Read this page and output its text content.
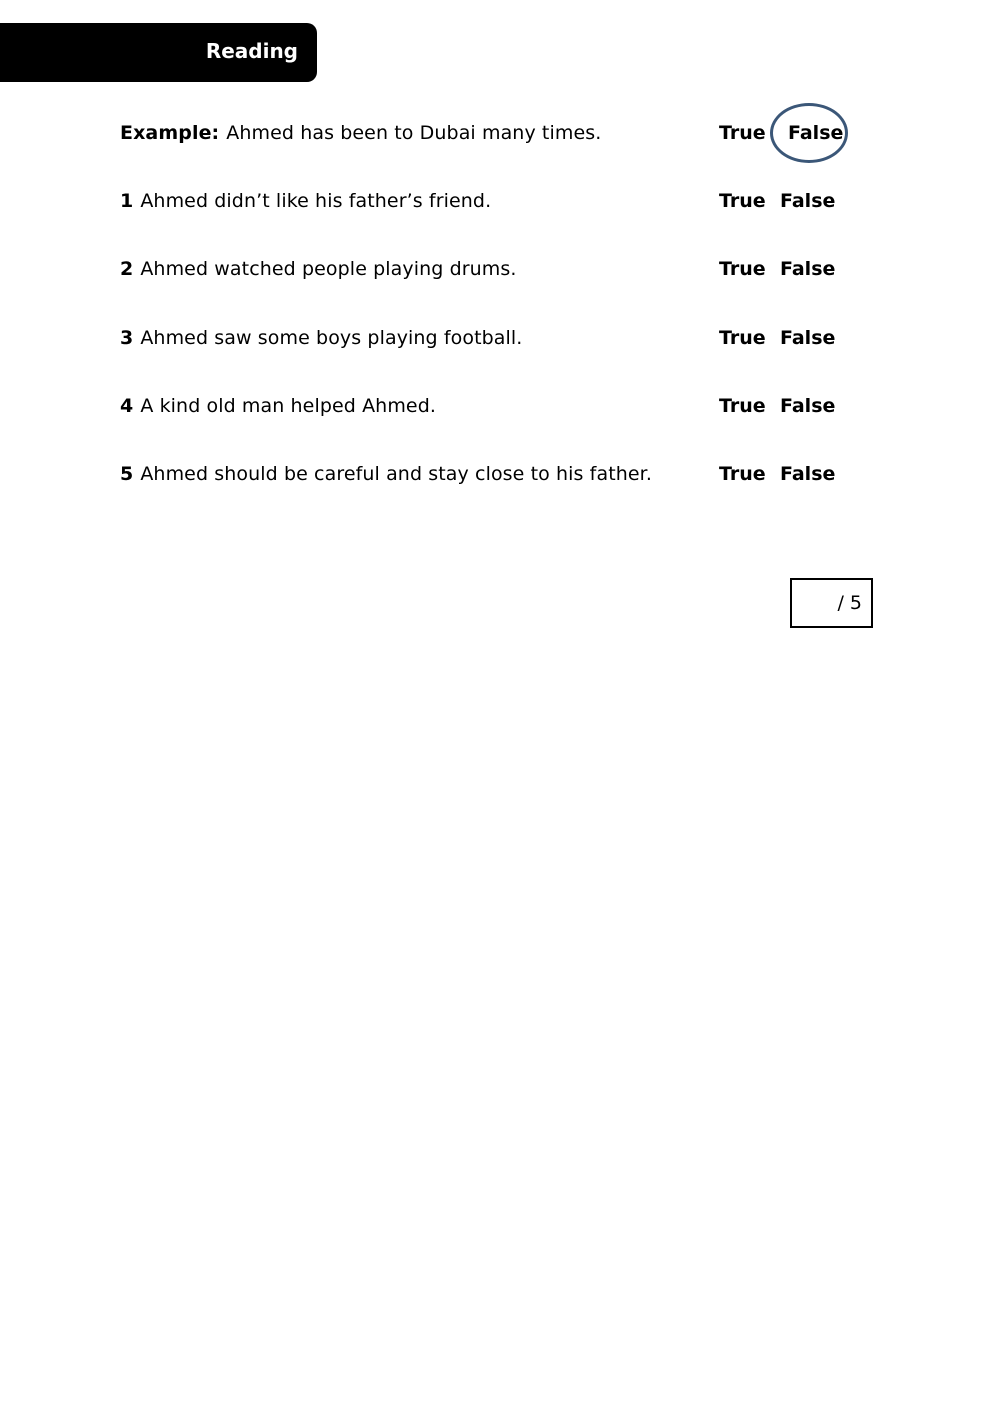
Reading
Example: Ahmed has been to Dubai many times.	True False
1 Ahmed didn’t like his father’s friend.	True False
2 Ahmed watched people playing drums.	True False
3 Ahmed saw some boys playing football.	True False
4 A kind old man helped Ahmed.	True False
5 Ahmed should be careful and stay close to his father.	True False
/ 5
